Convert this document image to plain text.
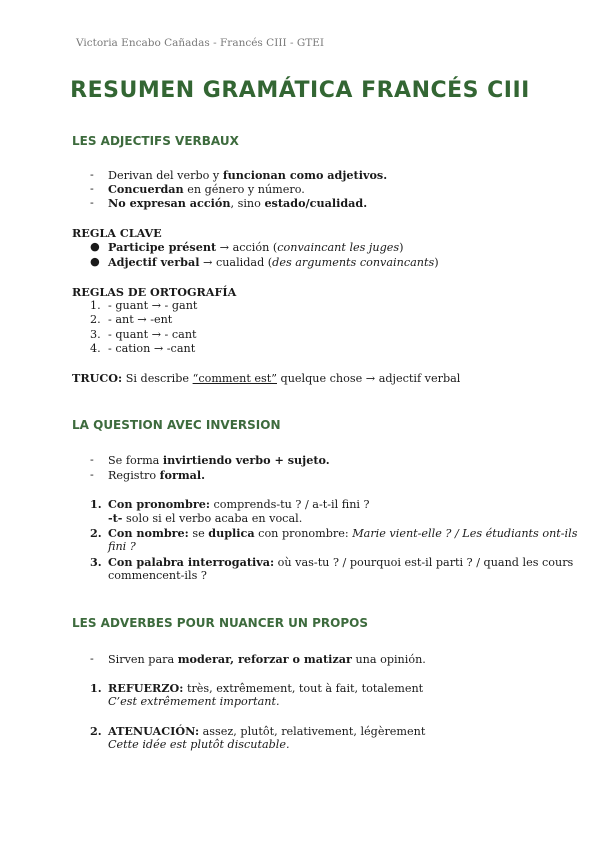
Victoria Encabo Cañadas - Francés CIII - GTEI
RESUMEN GRAMÁTICA FRANCÉS CIII
LES ADJECTIFS VERBAUX
- Derivan del verbo y funcionan como adjetivos.
- Concuerdan en género y número.
- No expresan acción, sino estado/cualidad.
REGLA CLAVE
● Participe présent → acción (convaincant les juges)
● Adjectif verbal → cualidad (des arguments convaincants)
REGLAS DE ORTOGRAFÍA
1. - guant → - gant
2. - ant → -ent
3. - quant → - cant
4. - cation → -cant
TRUCO: Si describe “comment est” quelque chose → adjectif verbal
LA QUESTION AVEC INVERSION
- Se forma invirtiendo verbo + sujeto.
- Registro formal.
1. Con pronombre: comprends-tu ? / a-t-il fini ?
-t- solo si el verbo acaba en vocal.
2. Con nombre: se duplica con pronombre: Marie vient-elle ? / Les étudiants ont-ils
fini ?
3. Con palabra interrogativa: où vas-tu ? / pourquoi est-il parti ? / quand les cours
commencent-ils ?
LES ADVERBES POUR NUANCER UN PROPOS
- Sirven para moderar, reforzar o matizar una opinión.
1. REFUERZO: très, extrêmement, tout à fait, totalement
C’est extrêmement important.
2. ATENUACIÓN: assez, plutôt, relativement, légèrement
Cette idée est plutôt discutable.
